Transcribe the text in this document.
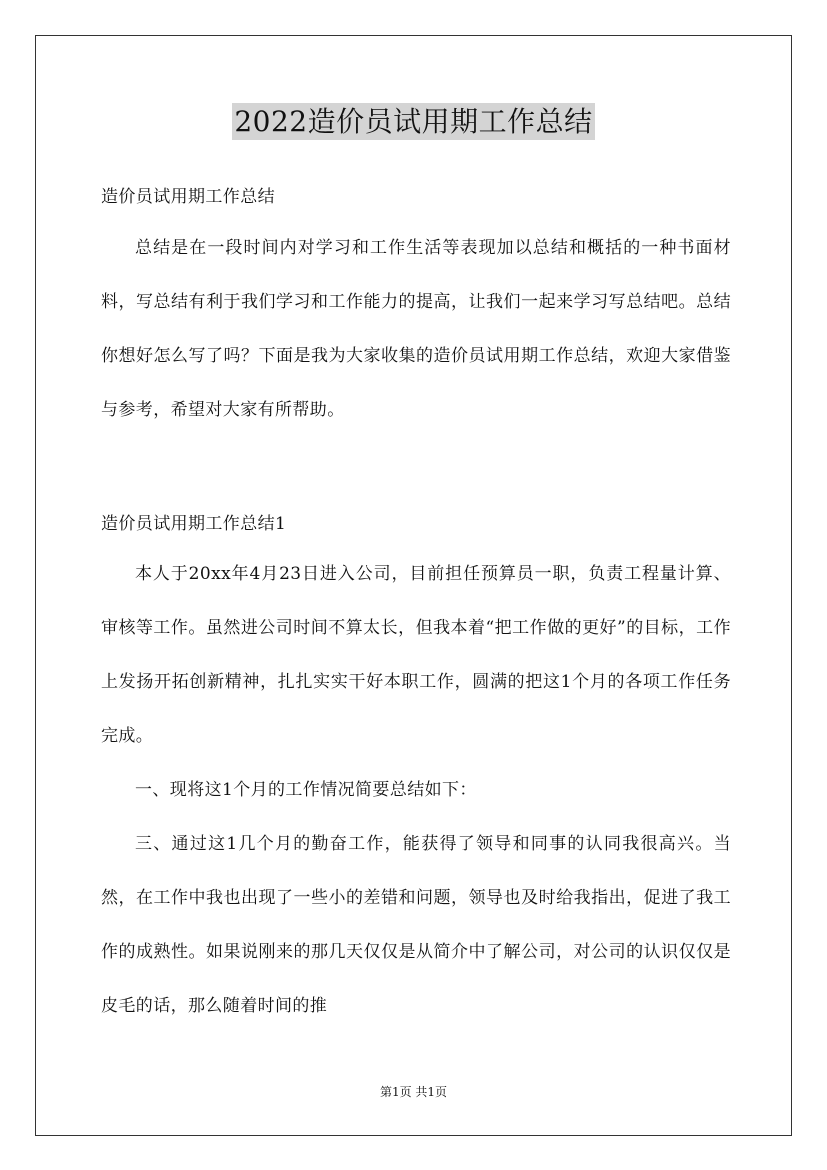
2022造价员试用期工作总结
造价员试用期工作总结

总结是在一段时间内对学习和工作生活等表现加以总结和概括的一种书面材料，写总结有利于我们学习和工作能力的提高，让我们一起来学习写总结吧。总结你想好怎么写了吗？下面是我为大家收集的造价员试用期工作总结，欢迎大家借鉴与参考，希望对大家有所帮助。

造价员试用期工作总结1

本人于20xx年4月23日进入公司，目前担任预算员一职，负责工程量计算、审核等工作。虽然进公司时间不算太长，但我本着“把工作做的更好”的目标，工作上发扬开拓创新精神，扎扎实实干好本职工作，圆满的把这1个月的各项工作任务完成。

一、现将这1个月的工作情况简要总结如下：

三、通过这1几个月的勤奋工作，能获得了领导和同事的认同我很高兴。当然，在工作中我也出现了一些小的差错和问题，领导也及时给我指出，促进了我工作的成熟性。如果说刚来的那几天仅仅是从简介中了解公司，对公司的认识仅仅是皮毛的话，那么随着时间的推

第1页 共1页
